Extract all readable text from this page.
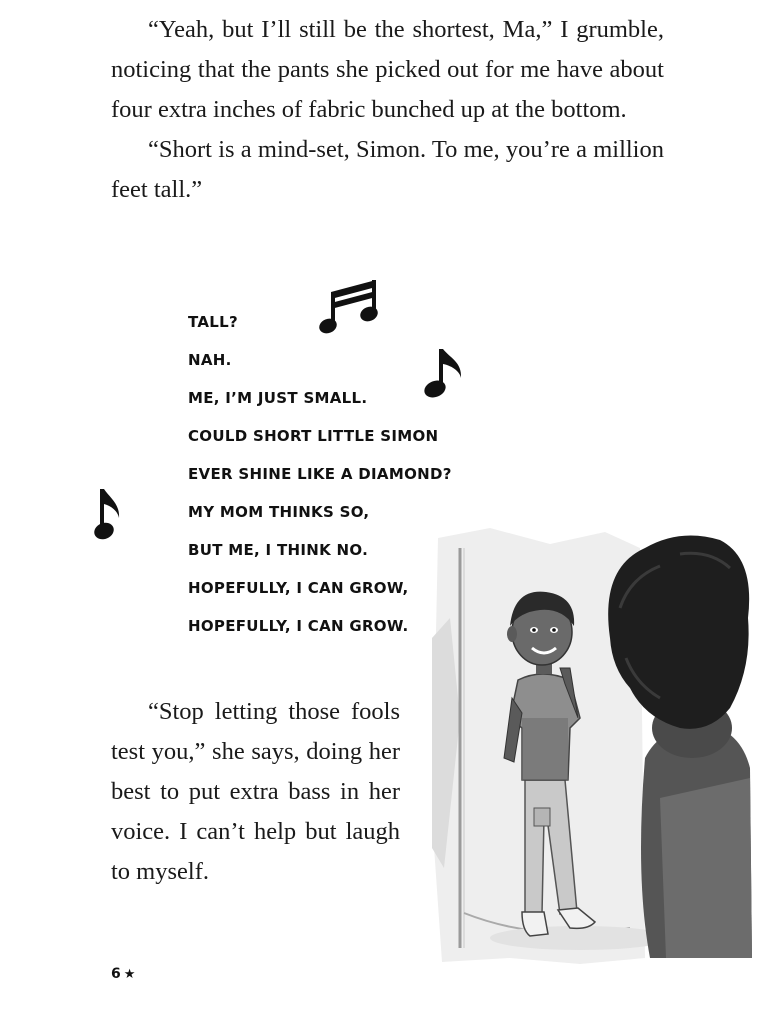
“Yeah, but I’ll still be the shortest, Ma,” I grumble, noticing that the pants she picked out for me have about four extra inches of fabric bunched up at the bottom.

“Short is a mind-set, Simon. To me, you’re a million feet tall.”

TALL?
NAH.
ME, I’M JUST SMALL.
COULD SHORT LITTLE SIMON
EVER SHINE LIKE A DIAMOND?
MY MOM THINKS SO,
BUT ME, I THINK NO.
HOPEFULLY, I CAN GROW,
HOPEFULLY, I CAN GROW.

“Stop letting those fools test you,” she says, doing her best to put extra bass in her voice. I can’t help but laugh to myself.

6 ★
